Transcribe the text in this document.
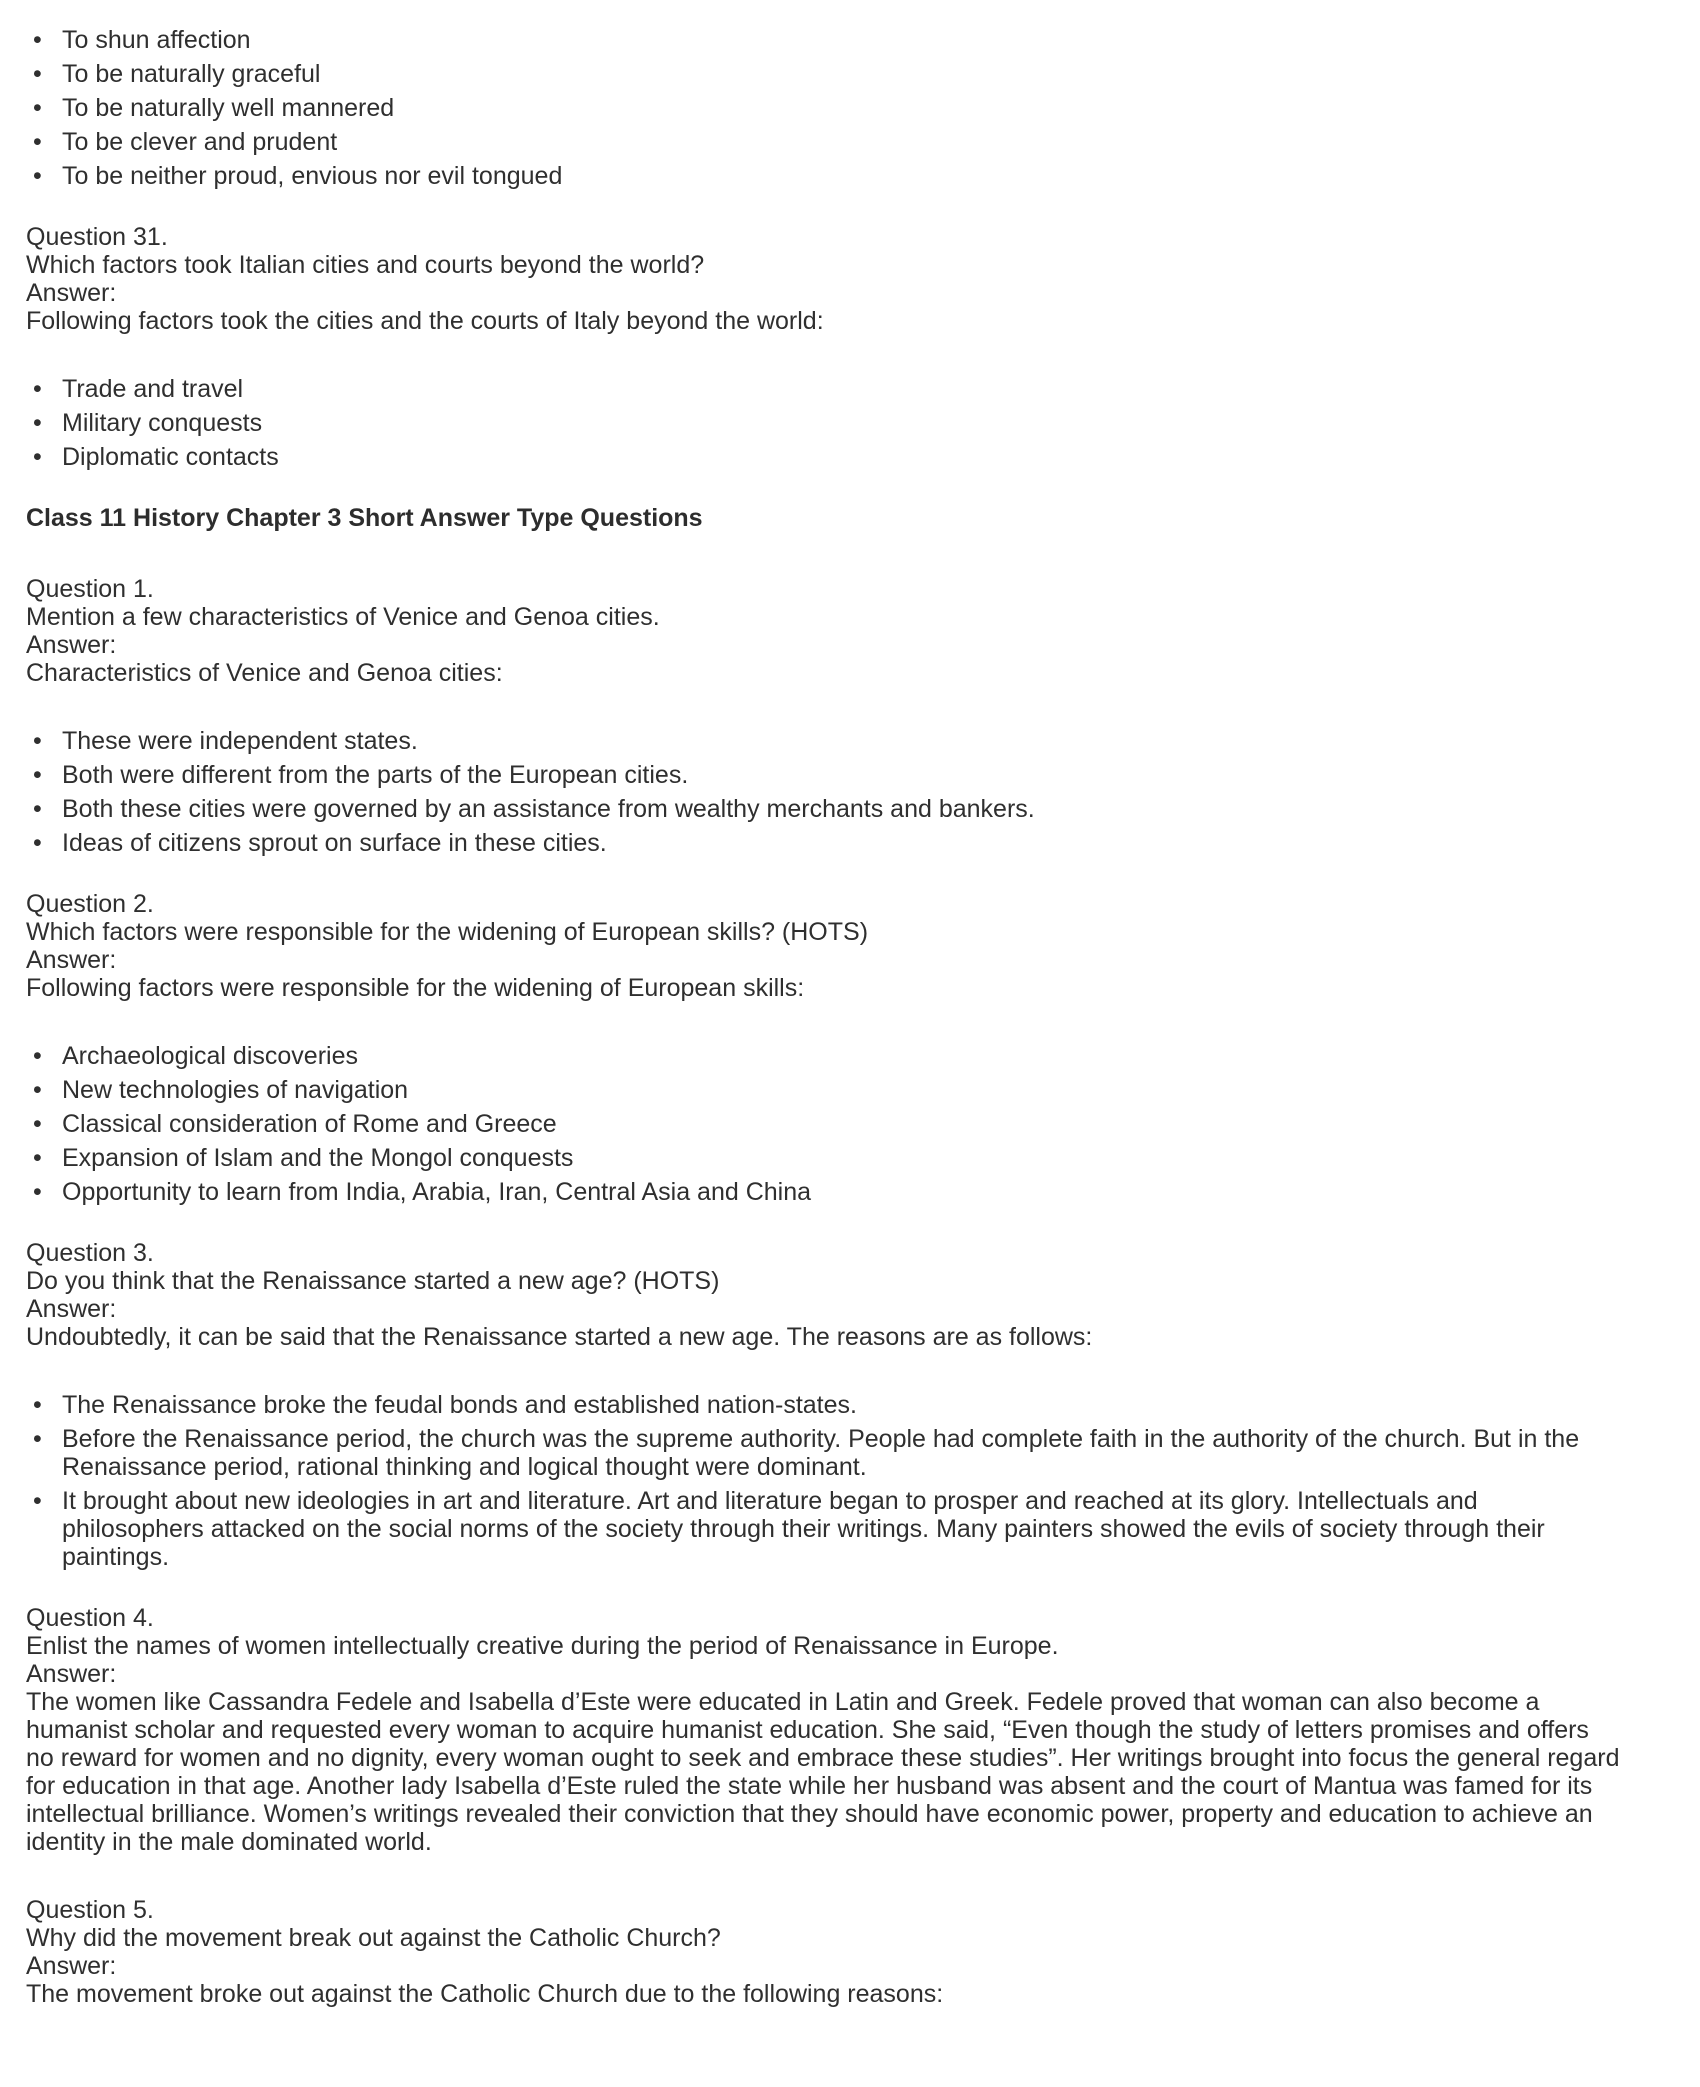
• To shun affection
• To be naturally graceful
• To be naturally well mannered
• To be clever and prudent
• To be neither proud, envious nor evil tongued
Question 31.
Which factors took Italian cities and courts beyond the world?
Answer:
Following factors took the cities and the courts of Italy beyond the world:
• Trade and travel
• Military conquests
• Diplomatic contacts
Class 11 History Chapter 3 Short Answer Type Questions
Question 1.
Mention a few characteristics of Venice and Genoa cities.
Answer:
Characteristics of Venice and Genoa cities:
• These were independent states.
• Both were different from the parts of the European cities.
• Both these cities were governed by an assistance from wealthy merchants and bankers.
• Ideas of citizens sprout on surface in these cities.
Question 2.
Which factors were responsible for the widening of European skills? (HOTS)
Answer:
Following factors were responsible for the widening of European skills:
• Archaeological discoveries
• New technologies of navigation
• Classical consideration of Rome and Greece
• Expansion of Islam and the Mongol conquests
• Opportunity to learn from India, Arabia, Iran, Central Asia and China
Question 3.
Do you think that the Renaissance started a new age? (HOTS)
Answer:
Undoubtedly, it can be said that the Renaissance started a new age. The reasons are as follows:
• The Renaissance broke the feudal bonds and established nation-states.
• Before the Renaissance period, the church was the supreme authority. People had complete faith in the authority of the church. But in the Renaissance period, rational thinking and logical thought were dominant.
• It brought about new ideologies in art and literature. Art and literature began to prosper and reached at its glory. Intellectuals and philosophers attacked on the social norms of the society through their writings. Many painters showed the evils of society through their paintings.
Question 4.
Enlist the names of women intellectually creative during the period of Renaissance in Europe.
Answer:
The women like Cassandra Fedele and Isabella d’Este were educated in Latin and Greek. Fedele proved that woman can also become a humanist scholar and requested every woman to acquire humanist education. She said, “Even though the study of letters promises and offers no reward for women and no dignity, every woman ought to seek and embrace these studies”. Her writings brought into focus the general regard for education in that age. Another lady Isabella d’Este ruled the state while her husband was absent and the court of Mantua was famed for its intellectual brilliance. Women’s writings revealed their conviction that they should have economic power, property and education to achieve an identity in the male dominated world.
Question 5.
Why did the movement break out against the Catholic Church?
Answer:
The movement broke out against the Catholic Church due to the following reasons:
